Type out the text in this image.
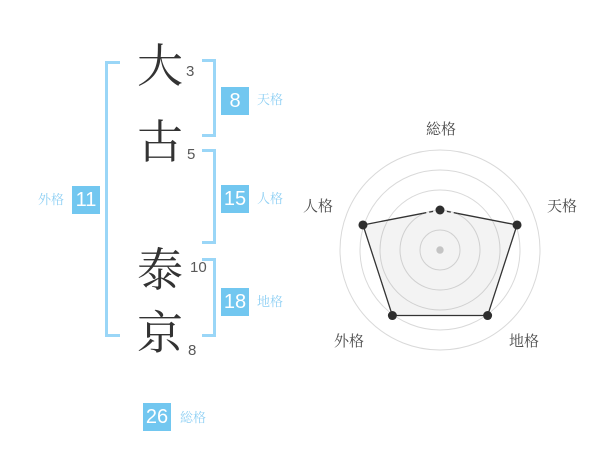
大 3
古 5
泰 10
京 8
8	天格
15 人格
18 地格
11
外格
26 総格
総格
天格
地格
外格
人格
